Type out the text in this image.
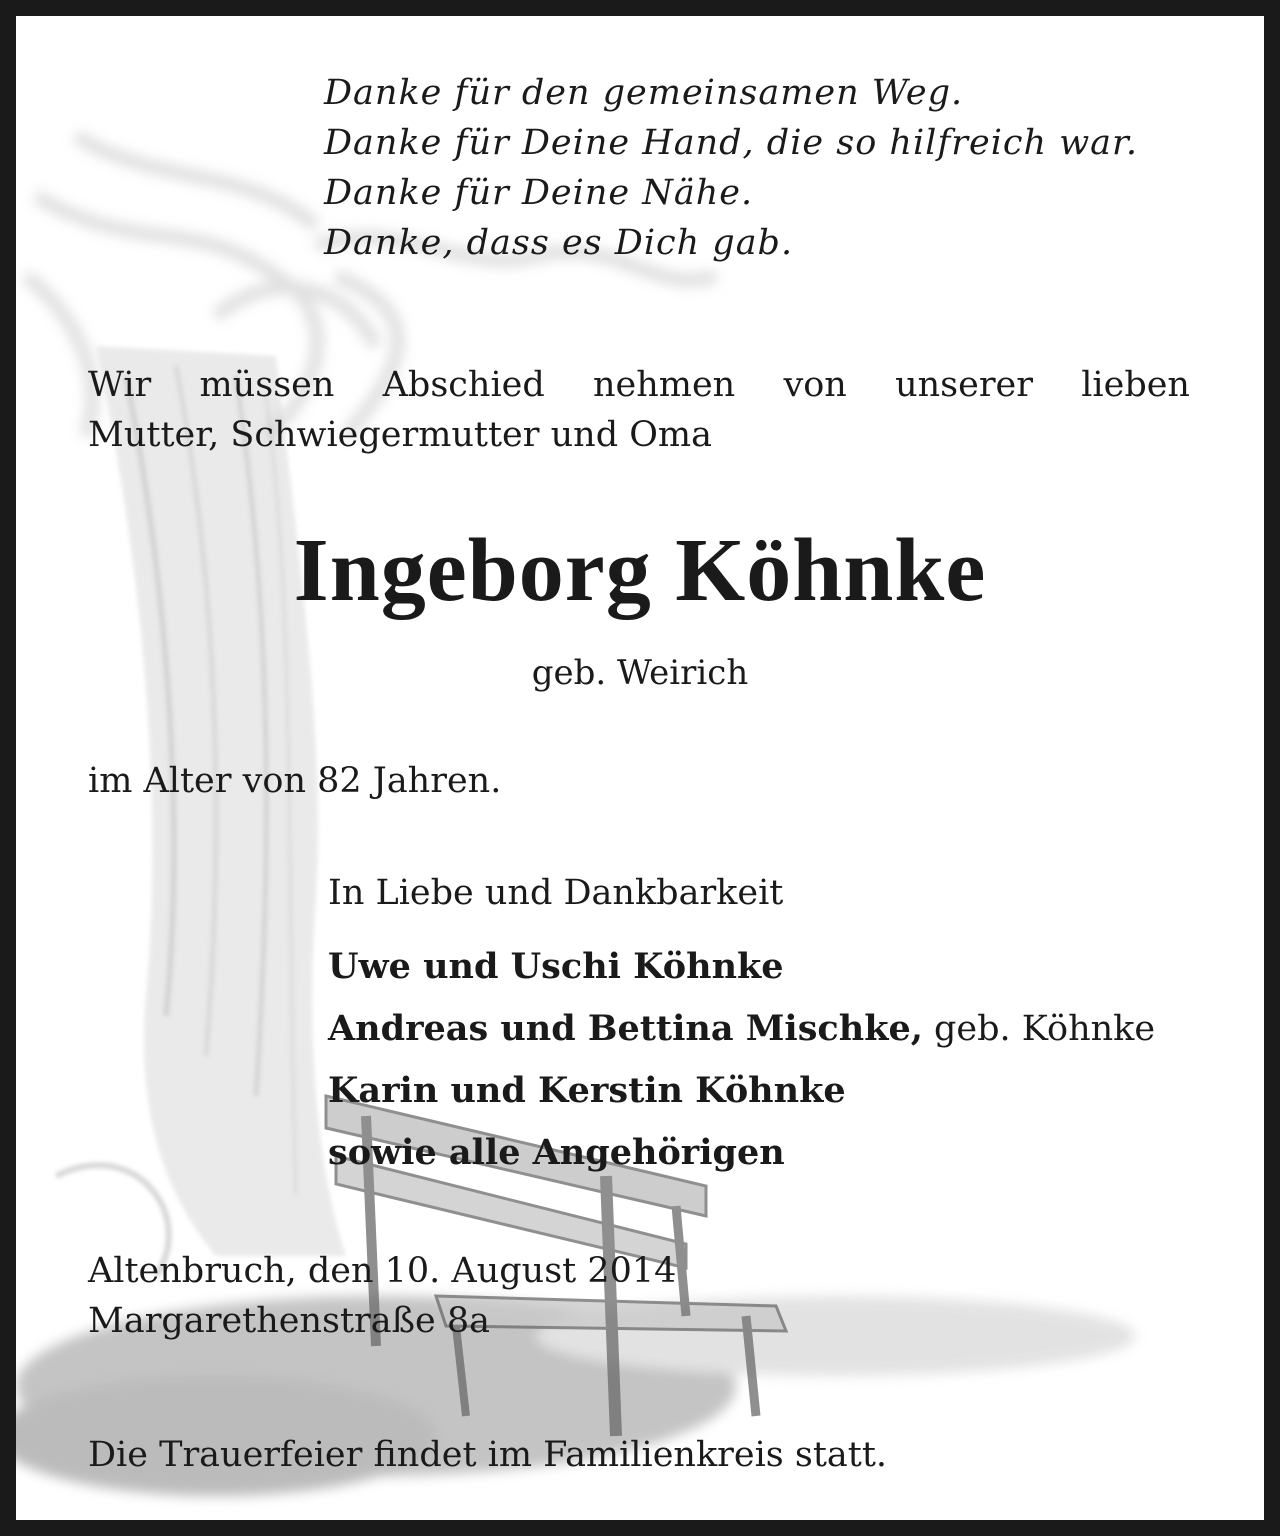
Danke für den gemeinsamen Weg.
Danke für Deine Hand, die so hilfreich war.
Danke für Deine Nähe.
Danke, dass es Dich gab.
Wir müssen Abschied nehmen von unserer lieben
Mutter, Schwiegermutter und Oma
Ingeborg Köhnke
geb. Weirich
im Alter von 82 Jahren.
In Liebe und Dankbarkeit
Uwe und Uschi Köhnke
Andreas und Bettina Mischke, geb. Köhnke
Karin und Kerstin Köhnke
sowie alle Angehörigen
Altenbruch, den 10. August 2014
Margarethenstraße 8a
Die Trauerfeier findet im Familienkreis statt.
